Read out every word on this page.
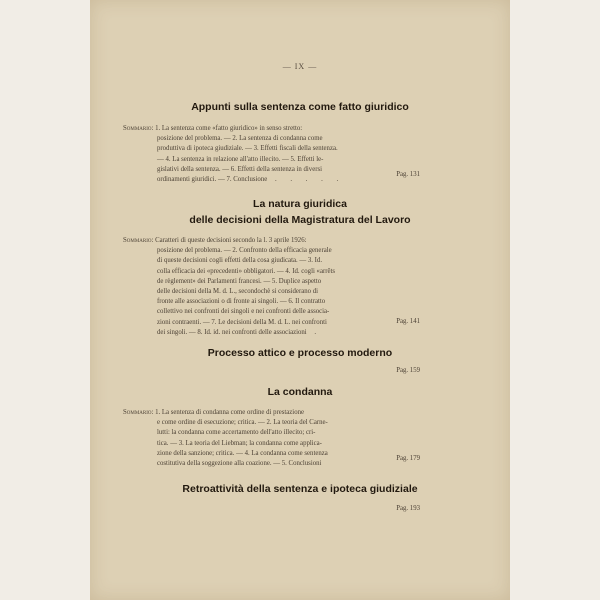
— IX —
Appunti sulla sentenza come fatto giuridico
Sommario: 1. La sentenza come «fatto giuridico» in senso stretto:
posizione del problema. — 2. La sentenza di condanna come
produttiva di ipoteca giudiziale. — 3. Effetti fiscali della sentenza.
— 4. La sentenza in relazione all'atto illecito. — 5. Effetti le-
gislativi della sentenza. — 6. Effetti della sentenza in diversi
ordinamenti giuridici. — 7. Conclusione . . . . .
Pag. 131
La natura giuridica
delle decisioni della Magistratura del Lavoro
Sommario: Caratteri di queste decisioni secondo la l. 3 aprile 1926:
posizione del problema. — 2. Confronto della efficacia generale
di queste decisioni cogli effetti della cosa giudicata. — 3. Id.
colla efficacia dei «precedenti» obbligatori. — 4. Id. cogli «arrêts
de règlement» dei Parlamenti francesi. — 5. Duplice aspetto
delle decisioni della M. d. L., secondochè si considerano di
fronte alle associazioni o di fronte ai singoli. — 6. Il contratto
collettivo nei confronti dei singoli e nei confronti delle associa-
zioni contraenti. — 7. Le decisioni della M. d. L. nei confronti
dei singoli. — 8. Id. id. nei confronti delle associazioni .
Pag. 141
Processo attico e processo moderno
Pag. 159
La condanna
Sommario: 1. La sentenza di condanna come ordine di prestazione
e come ordine di esecuzione; critica. — 2. La teoria del Carne-
lutti: la condanna come accertamento dell'atto illecito; cri-
tica. — 3. La teoria del Liebman; la condanna come applica-
zione della sanzione; critica. — 4. La condanna come sentenza
costitutiva della soggezione alla coazione. — 5. Conclusioni
Pag. 179
Retroattività della sentenza e ipoteca giudiziale
Pag. 193
